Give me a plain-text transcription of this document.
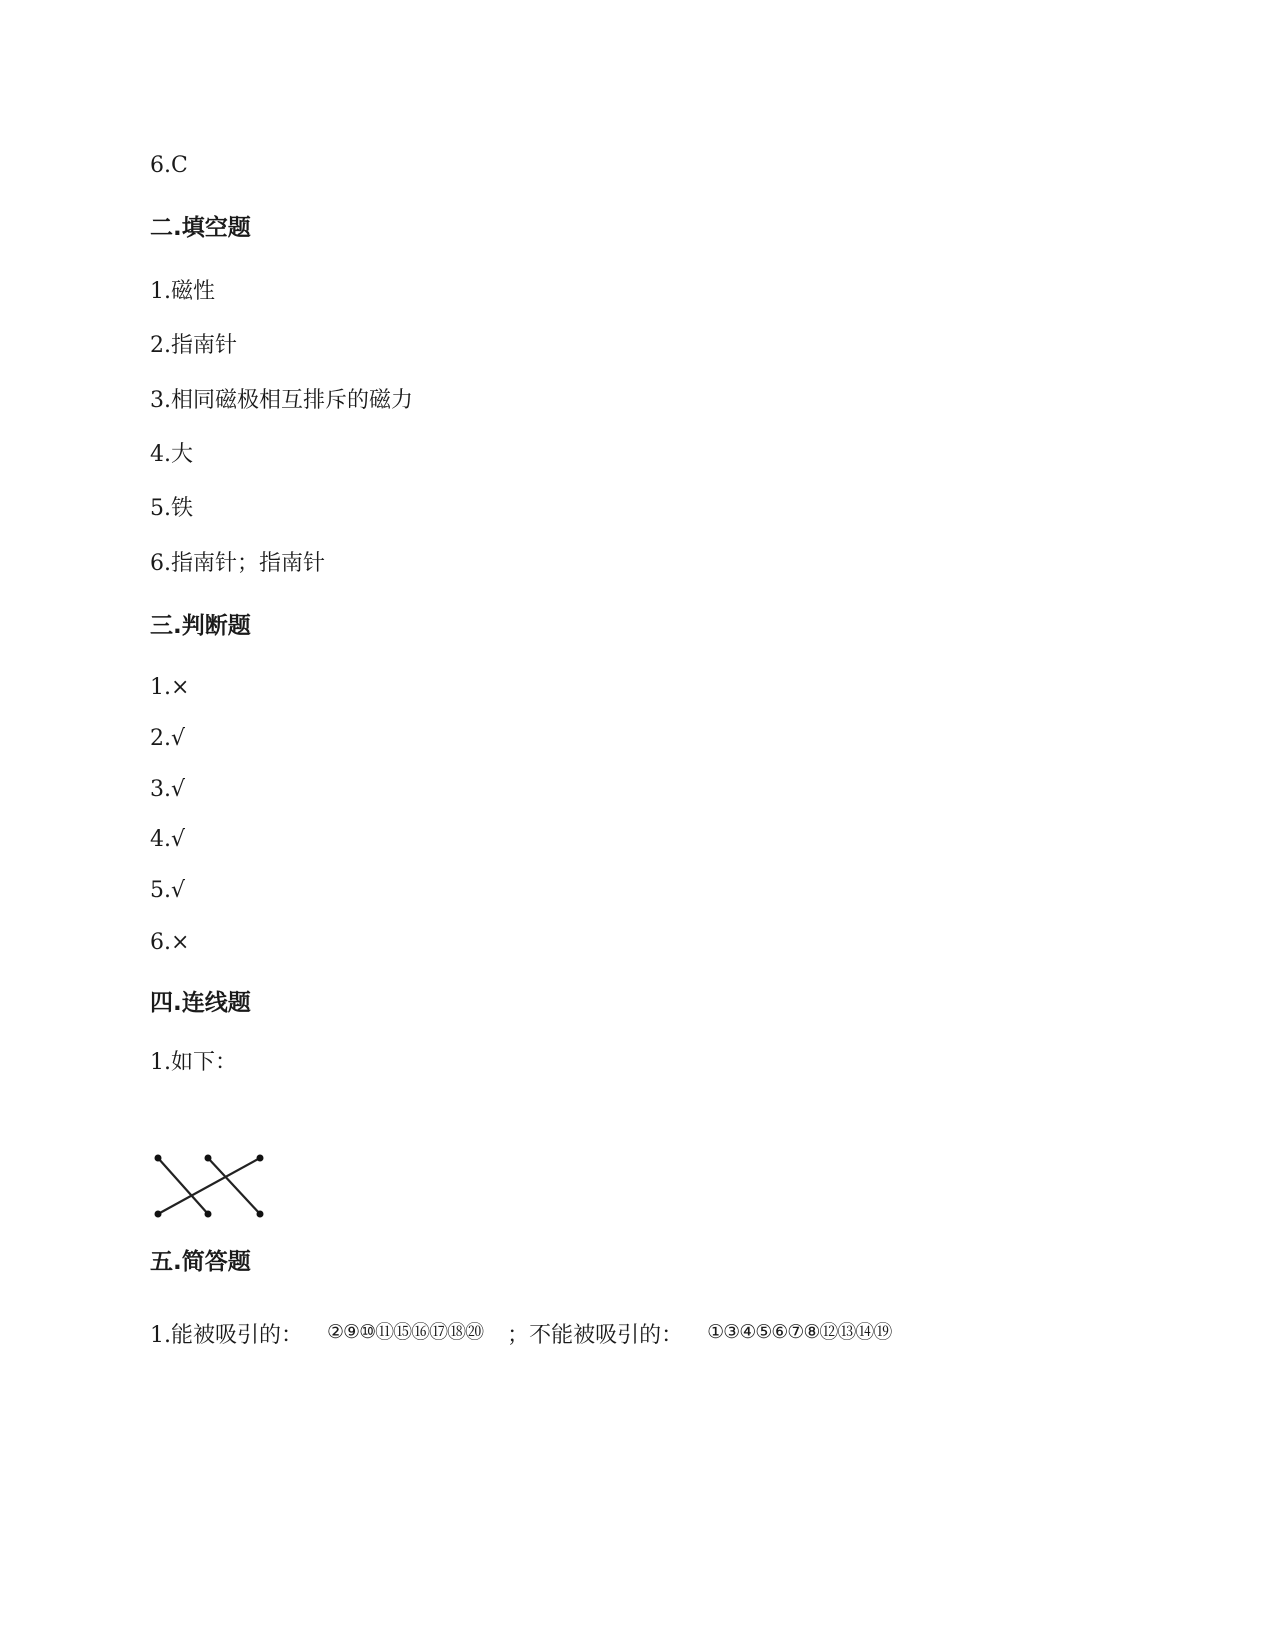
6.C
二.填空题
1.磁性
2.指南针
3.相同磁极相互排斥的磁力
4.大
5.铁
6.指南针；指南针
三.判断题
1.×
2.√
3.√
4.√
5.√
6.×
四.连线题
1.如下：
五.简答题
1.能被吸引的： ②⑨⑩⑪⑮⑯⑰⑱⑳ ；不能被吸引的： ①③④⑤⑥⑦⑧⑫⑬⑭⑲
